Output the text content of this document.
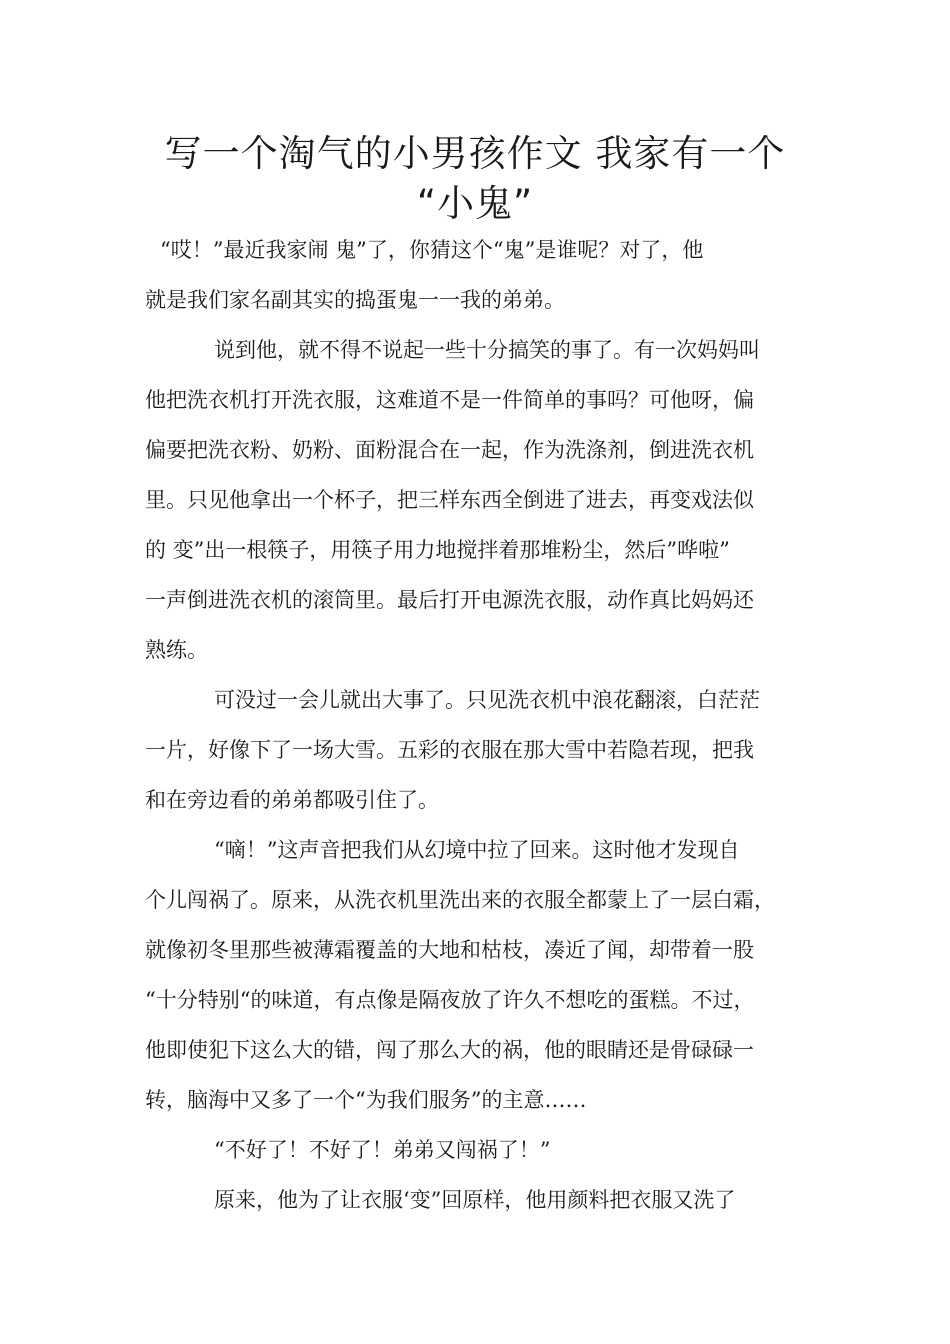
写一个淘气的小男孩作文 我家有一个
“小鬼”

“哎！”最近我家闹 鬼”了，你猜这个“鬼”是谁呢？对了，他

就是我们家名副其实的捣蛋鬼一一我的弟弟。

说到他，就不得不说起一些十分搞笑的事了。有一次妈妈叫

他把洗衣机打开洗衣服，这难道不是一件简单的事吗？可他呀，偏

偏要把洗衣粉、奶粉、面粉混合在一起，作为洗涤剂，倒进洗衣机

里。只见他拿出一个杯子，把三样东西全倒进了进去，再变戏法似

的 变”出一根筷子，用筷子用力地搅拌着那堆粉尘，然后”哗啦”

一声倒进洗衣机的滚筒里。最后打开电源洗衣服，动作真比妈妈还

熟练。

可没过一会儿就出大事了。只见洗衣机中浪花翻滚，白茫茫

一片，好像下了一场大雪。五彩的衣服在那大雪中若隐若现，把我

和在旁边看的弟弟都吸引住了。

“嘀！”这声音把我们从幻境中拉了回来。这时他才发现自

个儿闯祸了。原来，从洗衣机里洗出来的衣服全都蒙上了一层白霜，

就像初冬里那些被薄霜覆盖的大地和枯枝，凑近了闻，却带着一股

“十分特别“的味道，有点像是隔夜放了许久不想吃的蛋糕。不过，

他即使犯下这么大的错，闯了那么大的祸，他的眼睛还是骨碌碌一

转，脑海中又多了一个“为我们服务”的主意……

“不好了！不好了！弟弟又闯祸了！”

原来，他为了让衣服‘变”回原样，他用颜料把衣服又洗了
